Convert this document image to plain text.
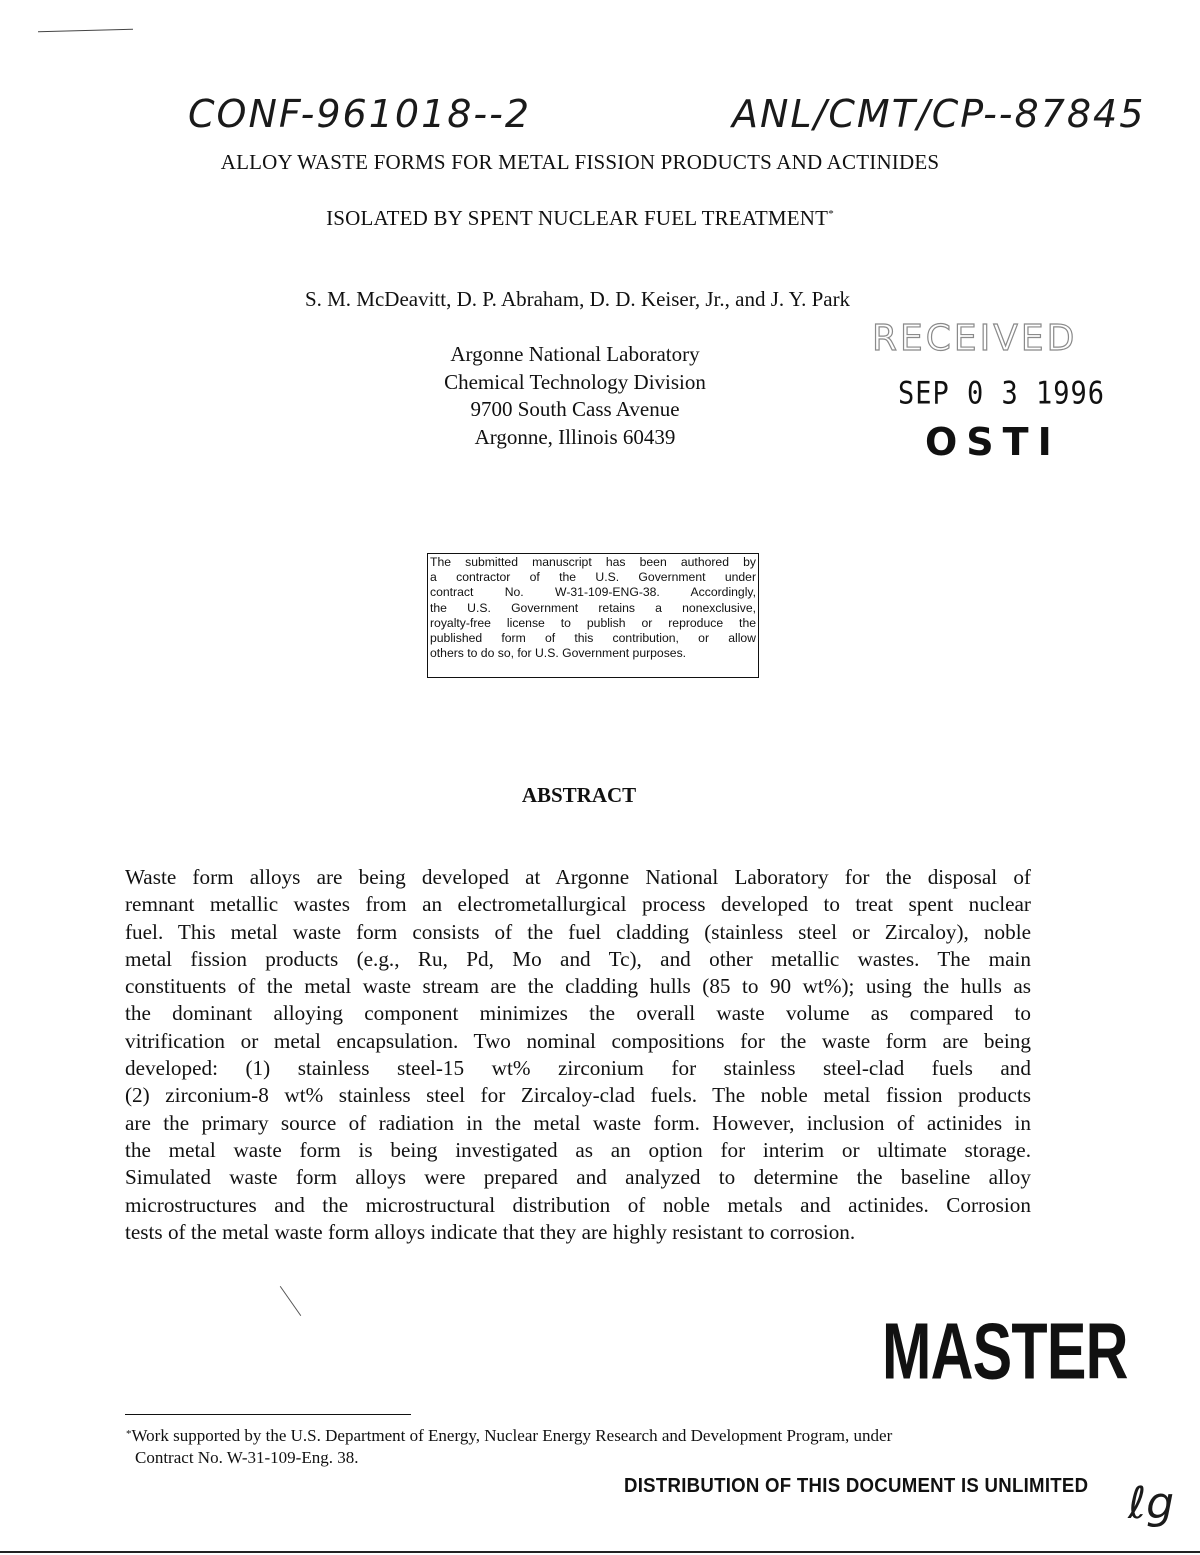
CONF-961018--2	ANL/CMT/CP--87845
ALLOY WASTE FORMS FOR METAL FISSION PRODUCTS AND ACTINIDES
ISOLATED BY SPENT NUCLEAR FUEL TREATMENT*
S. M. McDeavitt, D. P. Abraham, D. D. Keiser, Jr., and J. Y. Park
Argonne National Laboratory
Chemical Technology Division
9700 South Cass Avenue
Argonne, Illinois 60439
RECEIVED
SEP 0 3 1996
OSTI
The submitted manuscript has been authored by
a contractor of the U.S. Government under
contract No. W-31-109-ENG-38. Accordingly,
the U.S. Government retains a nonexclusive,
royalty-free license to publish or reproduce the
published form of this contribution, or allow
others to do so, for U.S. Government purposes.
ABSTRACT
Waste form alloys are being developed at Argonne National Laboratory for the disposal of
remnant metallic wastes from an electrometallurgical process developed to treat spent nuclear
fuel. This metal waste form consists of the fuel cladding (stainless steel or Zircaloy), noble
metal fission products (e.g., Ru, Pd, Mo and Tc), and other metallic wastes. The main
constituents of the metal waste stream are the cladding hulls (85 to 90 wt%); using the hulls as
the dominant alloying component minimizes the overall waste volume as compared to
vitrification or metal encapsulation. Two nominal compositions for the waste form are being
developed: (1) stainless steel-15 wt% zirconium for stainless steel-clad fuels and
(2) zirconium-8 wt% stainless steel for Zircaloy-clad fuels. The noble metal fission products
are the primary source of radiation in the metal waste form. However, inclusion of actinides in
the metal waste form is being investigated as an option for interim or ultimate storage.
Simulated waste form alloys were prepared and analyzed to determine the baseline alloy
microstructures and the microstructural distribution of noble metals and actinides. Corrosion
tests of the metal waste form alloys indicate that they are highly resistant to corrosion.
MASTER
*Work supported by the U.S. Department of Energy, Nuclear Energy Research and Development Program, under
Contract No. W-31-109-Eng. 38.
DISTRIBUTION OF THIS DOCUMENT IS UNLIMITED ℓg
